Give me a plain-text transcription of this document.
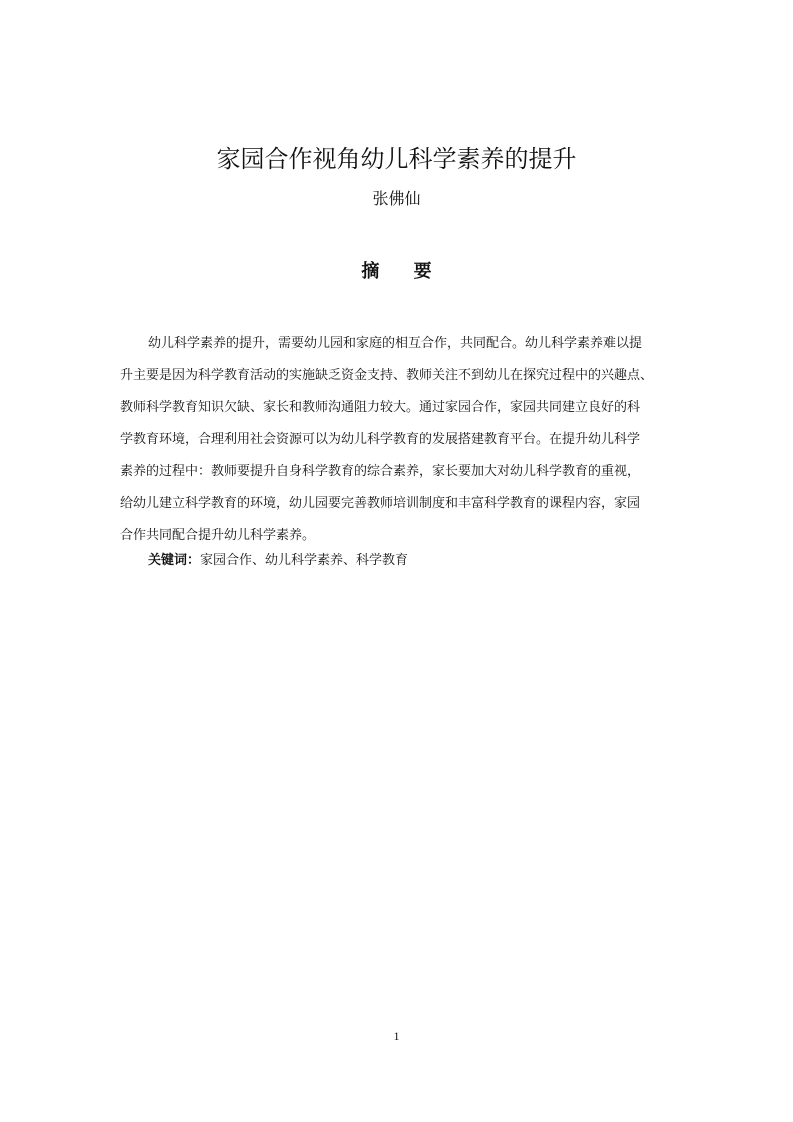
家园合作视角幼儿科学素养的提升
张佛仙
摘 要
幼儿科学素养的提升，需要幼儿园和家庭的相互合作，共同配合。幼儿科学素养难以提
升主要是因为科学教育活动的实施缺乏资金支持、教师关注不到幼儿在探究过程中的兴趣点、
教师科学教育知识欠缺、家长和教师沟通阻力较大。通过家园合作，家园共同建立良好的科
学教育环境，合理利用社会资源可以为幼儿科学教育的发展搭建教育平台。在提升幼儿科学
素养的过程中：教师要提升自身科学教育的综合素养，家长要加大对幼儿科学教育的重视，
给幼儿建立科学教育的环境，幼儿园要完善教师培训制度和丰富科学教育的课程内容，家园
合作共同配合提升幼儿科学素养。
关键词：家园合作、幼儿科学素养、科学教育
1
